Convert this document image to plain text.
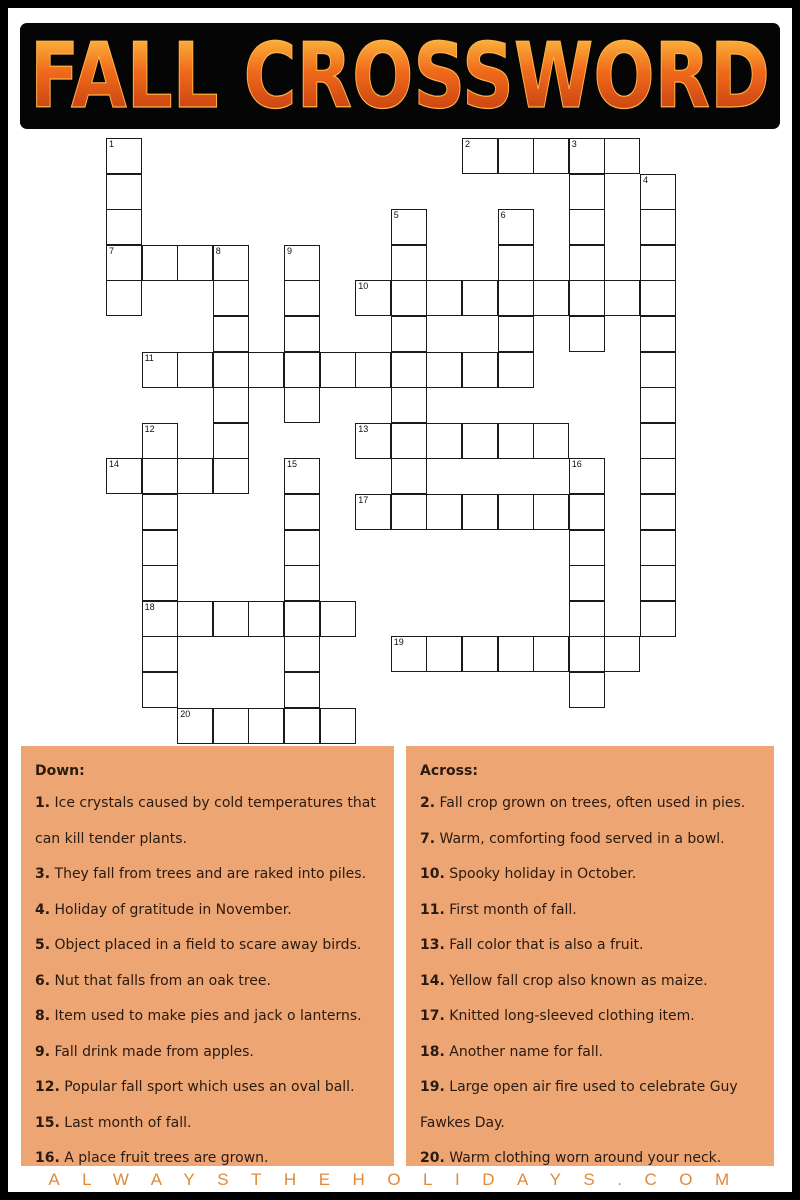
FALL CROSSWORD
1
7
2	3
4
5	6
8	9
10
11
12
18
13
14	15	16
17
19
20
Down:
1. Ice crystals caused by cold temperatures that
can kill tender plants.
3. They fall from trees and are raked into piles.
4. Holiday of gratitude in November.
5. Object placed in a field to scare away birds.
6. Nut that falls from an oak tree.
8. Item used to make pies and jack o lanterns.
9. Fall drink made from apples.
12. Popular fall sport which uses an oval ball.
15. Last month of fall.
16. A place fruit trees are grown.
Across:
2. Fall crop grown on trees, often used in pies.
7. Warm, comforting food served in a bowl.
10. Spooky holiday in October.
11. First month of fall.
13. Fall color that is also a fruit.
14. Yellow fall crop also known as maize.
17. Knitted long-sleeved clothing item.
18. Another name for fall.
19. Large open air fire used to celebrate Guy
Fawkes Day.
20. Warm clothing worn around your neck.
ALWAYSTHEHOLIDAYS.COM
